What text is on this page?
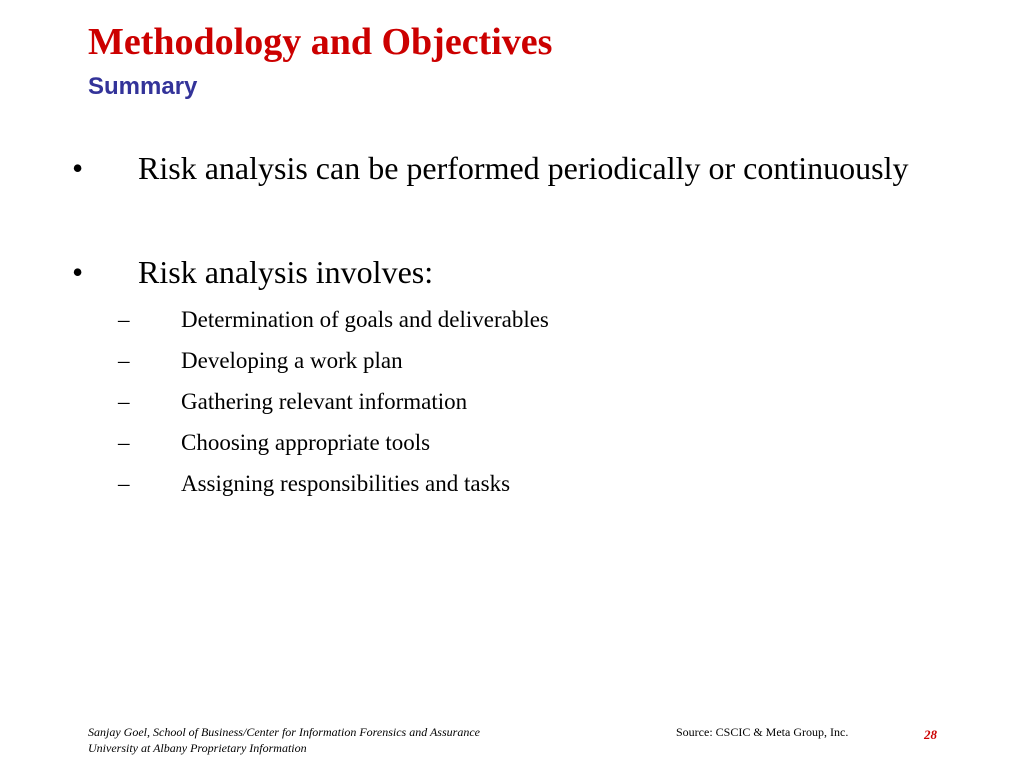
Methodology and Objectives
Summary
• Risk analysis can be performed periodically or continuously
• Risk analysis involves:
– Determination of goals and deliverables
– Developing a work plan
– Gathering relevant information
– Choosing appropriate tools
– Assigning responsibilities and tasks
Sanjay Goel, School of Business/Center for Information Forensics and Assurance
University at Albany Proprietary Information
Source: CSCIC & Meta Group, Inc.	28
